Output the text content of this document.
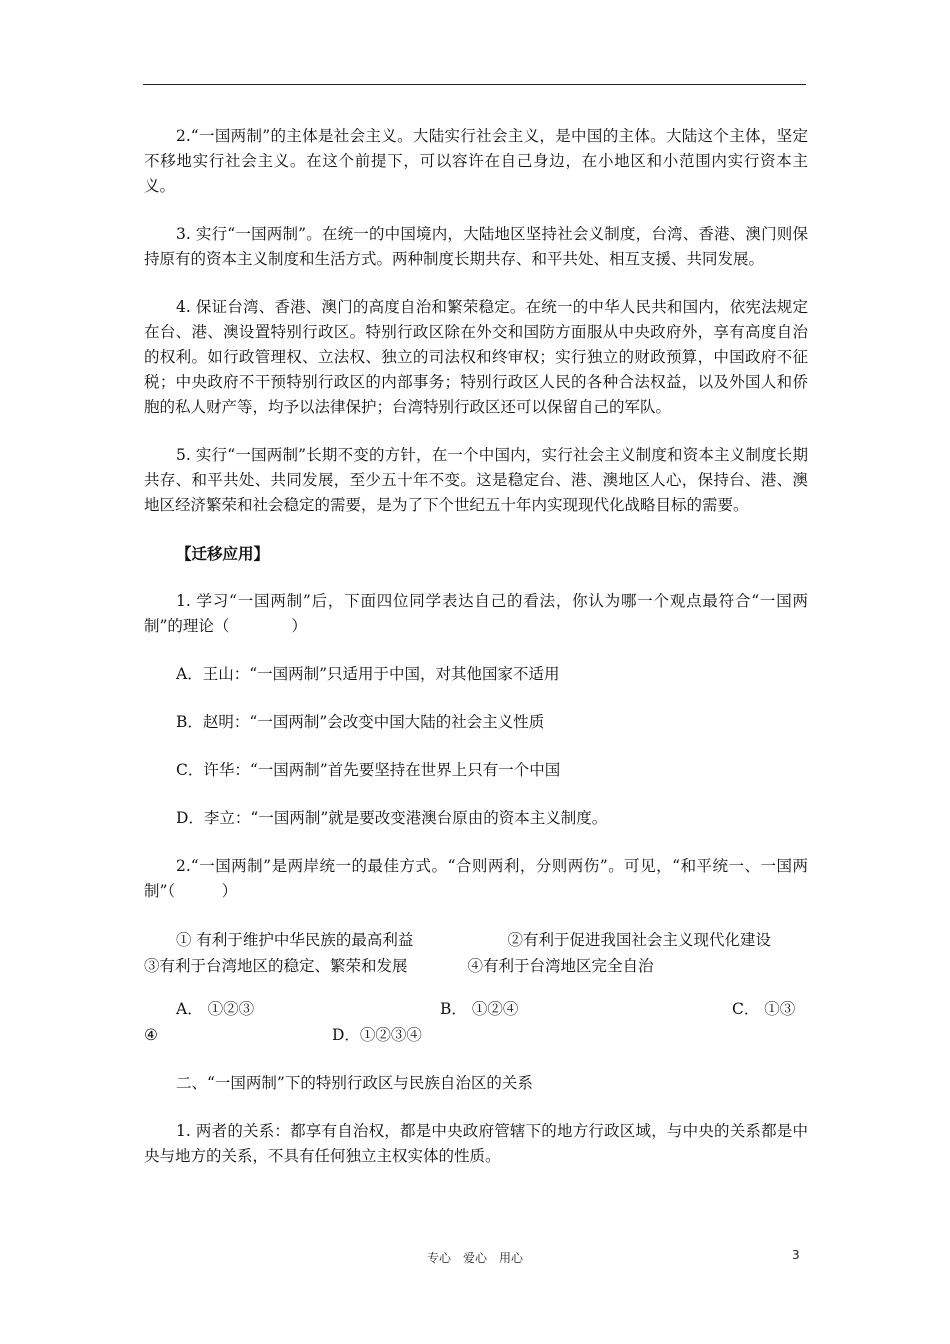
2.“一国两制”的主体是社会主义。大陆实行社会主义，是中国的主体。大陆这个主体，坚定不移地实行社会主义。在这个前提下，可以容许在自己身边，在小地区和小范围内实行资本主义。

3. 实行“一国两制”。在统一的中国境内，大陆地区坚持社会义制度，台湾、香港、澳门则保持原有的资本主义制度和生活方式。两种制度长期共存、和平共处、相互支援、共同发展。

4. 保证台湾、香港、澳门的高度自治和繁荣稳定。在统一的中华人民共和国内，依宪法规定在台、港、澳设置特别行政区。特别行政区除在外交和国防方面服从中央政府外，享有高度自治的权利。如行政管理权、立法权、独立的司法权和终审权；实行独立的财政预算，中国政府不征税；中央政府不干预特别行政区的内部事务；特别行政区人民的各种合法权益，以及外国人和侨胞的私人财产等，均予以法律保护；台湾特别行政区还可以保留自己的军队。

5. 实行“一国两制”长期不变的方针，在一个中国内，实行社会主义制度和资本主义制度长期共存、和平共处、共同发展，至少五十年不变。这是稳定台、港、澳地区人心，保持台、港、澳地区经济繁荣和社会稳定的需要，是为了下个世纪五十年内实现现代化战略目标的需要。

【迁移应用】

1. 学习“一国两制”后，下面四位同学表达自己的看法，你认为哪一个观点最符合“一国两制”的理论（　　　　）

A．王山：“一国两制”只适用于中国，对其他国家不适用

B．赵明：“一国两制”会改变中国大陆的社会主义性质

C．许华：“一国两制”首先要坚持在世界上只有一个中国

D．李立：“一国两制”就是要改变港澳台原由的资本主义制度。

2.“一国两制”是两岸统一的最佳方式。“合则两利，分则两伤”。可见，“和平统一、一国两制”（　　　）

① 有利于维护中华民族的最高利益	②有利于促进我国社会主义现代化建设
③有利于台湾地区的稳定、繁荣和发展	④有利于台湾地区完全自治
A． ①②③	B． ①②④	C． ①③
④	D．①②③④

二、“一国两制”下的特别行政区与民族自治区的关系

1. 两者的关系：都享有自治权，都是中央政府管辖下的地方行政区域，与中央的关系都是中央与地方的关系，不具有任何独立主权实体的性质。

专心　爱心　用心	3
